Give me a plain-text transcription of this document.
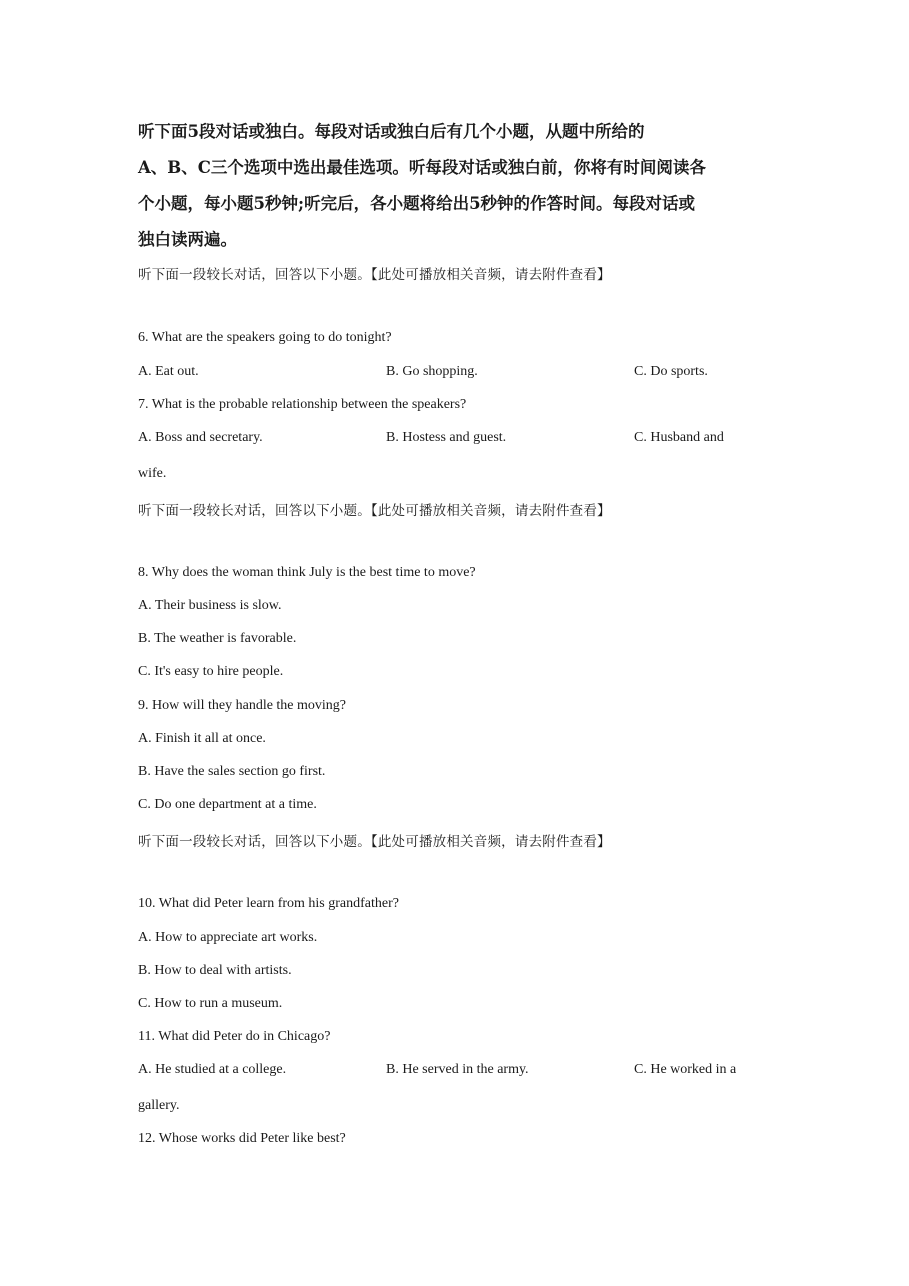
听下面5段对话或独白。每段对话或独白后有几个小题，从题中所给的
A、B、C三个选项中选出最佳选项。听每段对话或独白前，你将有时间阅读各
个小题，每小题5秒钟;听完后，各小题将给出5秒钟的作答时间。每段对话或
独白读两遍。
听下面一段较长对话，回答以下小题。【此处可播放相关音频，请去附件查看】
6. What are the speakers going to do tonight?
A. Eat out.	B. Go shopping.	C. Do sports.
7. What is the probable relationship between the speakers?
A. Boss and secretary.	B. Hostess and guest.	C. Husband and
wife.
听下面一段较长对话，回答以下小题。【此处可播放相关音频，请去附件查看】
8. Why does the woman think July is the best time to move?
A. Their business is slow.
B. The weather is favorable.
C. It's easy to hire people.
9. How will they handle the moving?
A. Finish it all at once.
B. Have the sales section go first.
C. Do one department at a time.
听下面一段较长对话，回答以下小题。【此处可播放相关音频，请去附件查看】
10. What did Peter learn from his grandfather?
A. How to appreciate art works.
B. How to deal with artists.
C. How to run a museum.
11. What did Peter do in Chicago?
A. He studied at a college.	B. He served in the army.	C. He worked in a
gallery.
12. Whose works did Peter like best?
